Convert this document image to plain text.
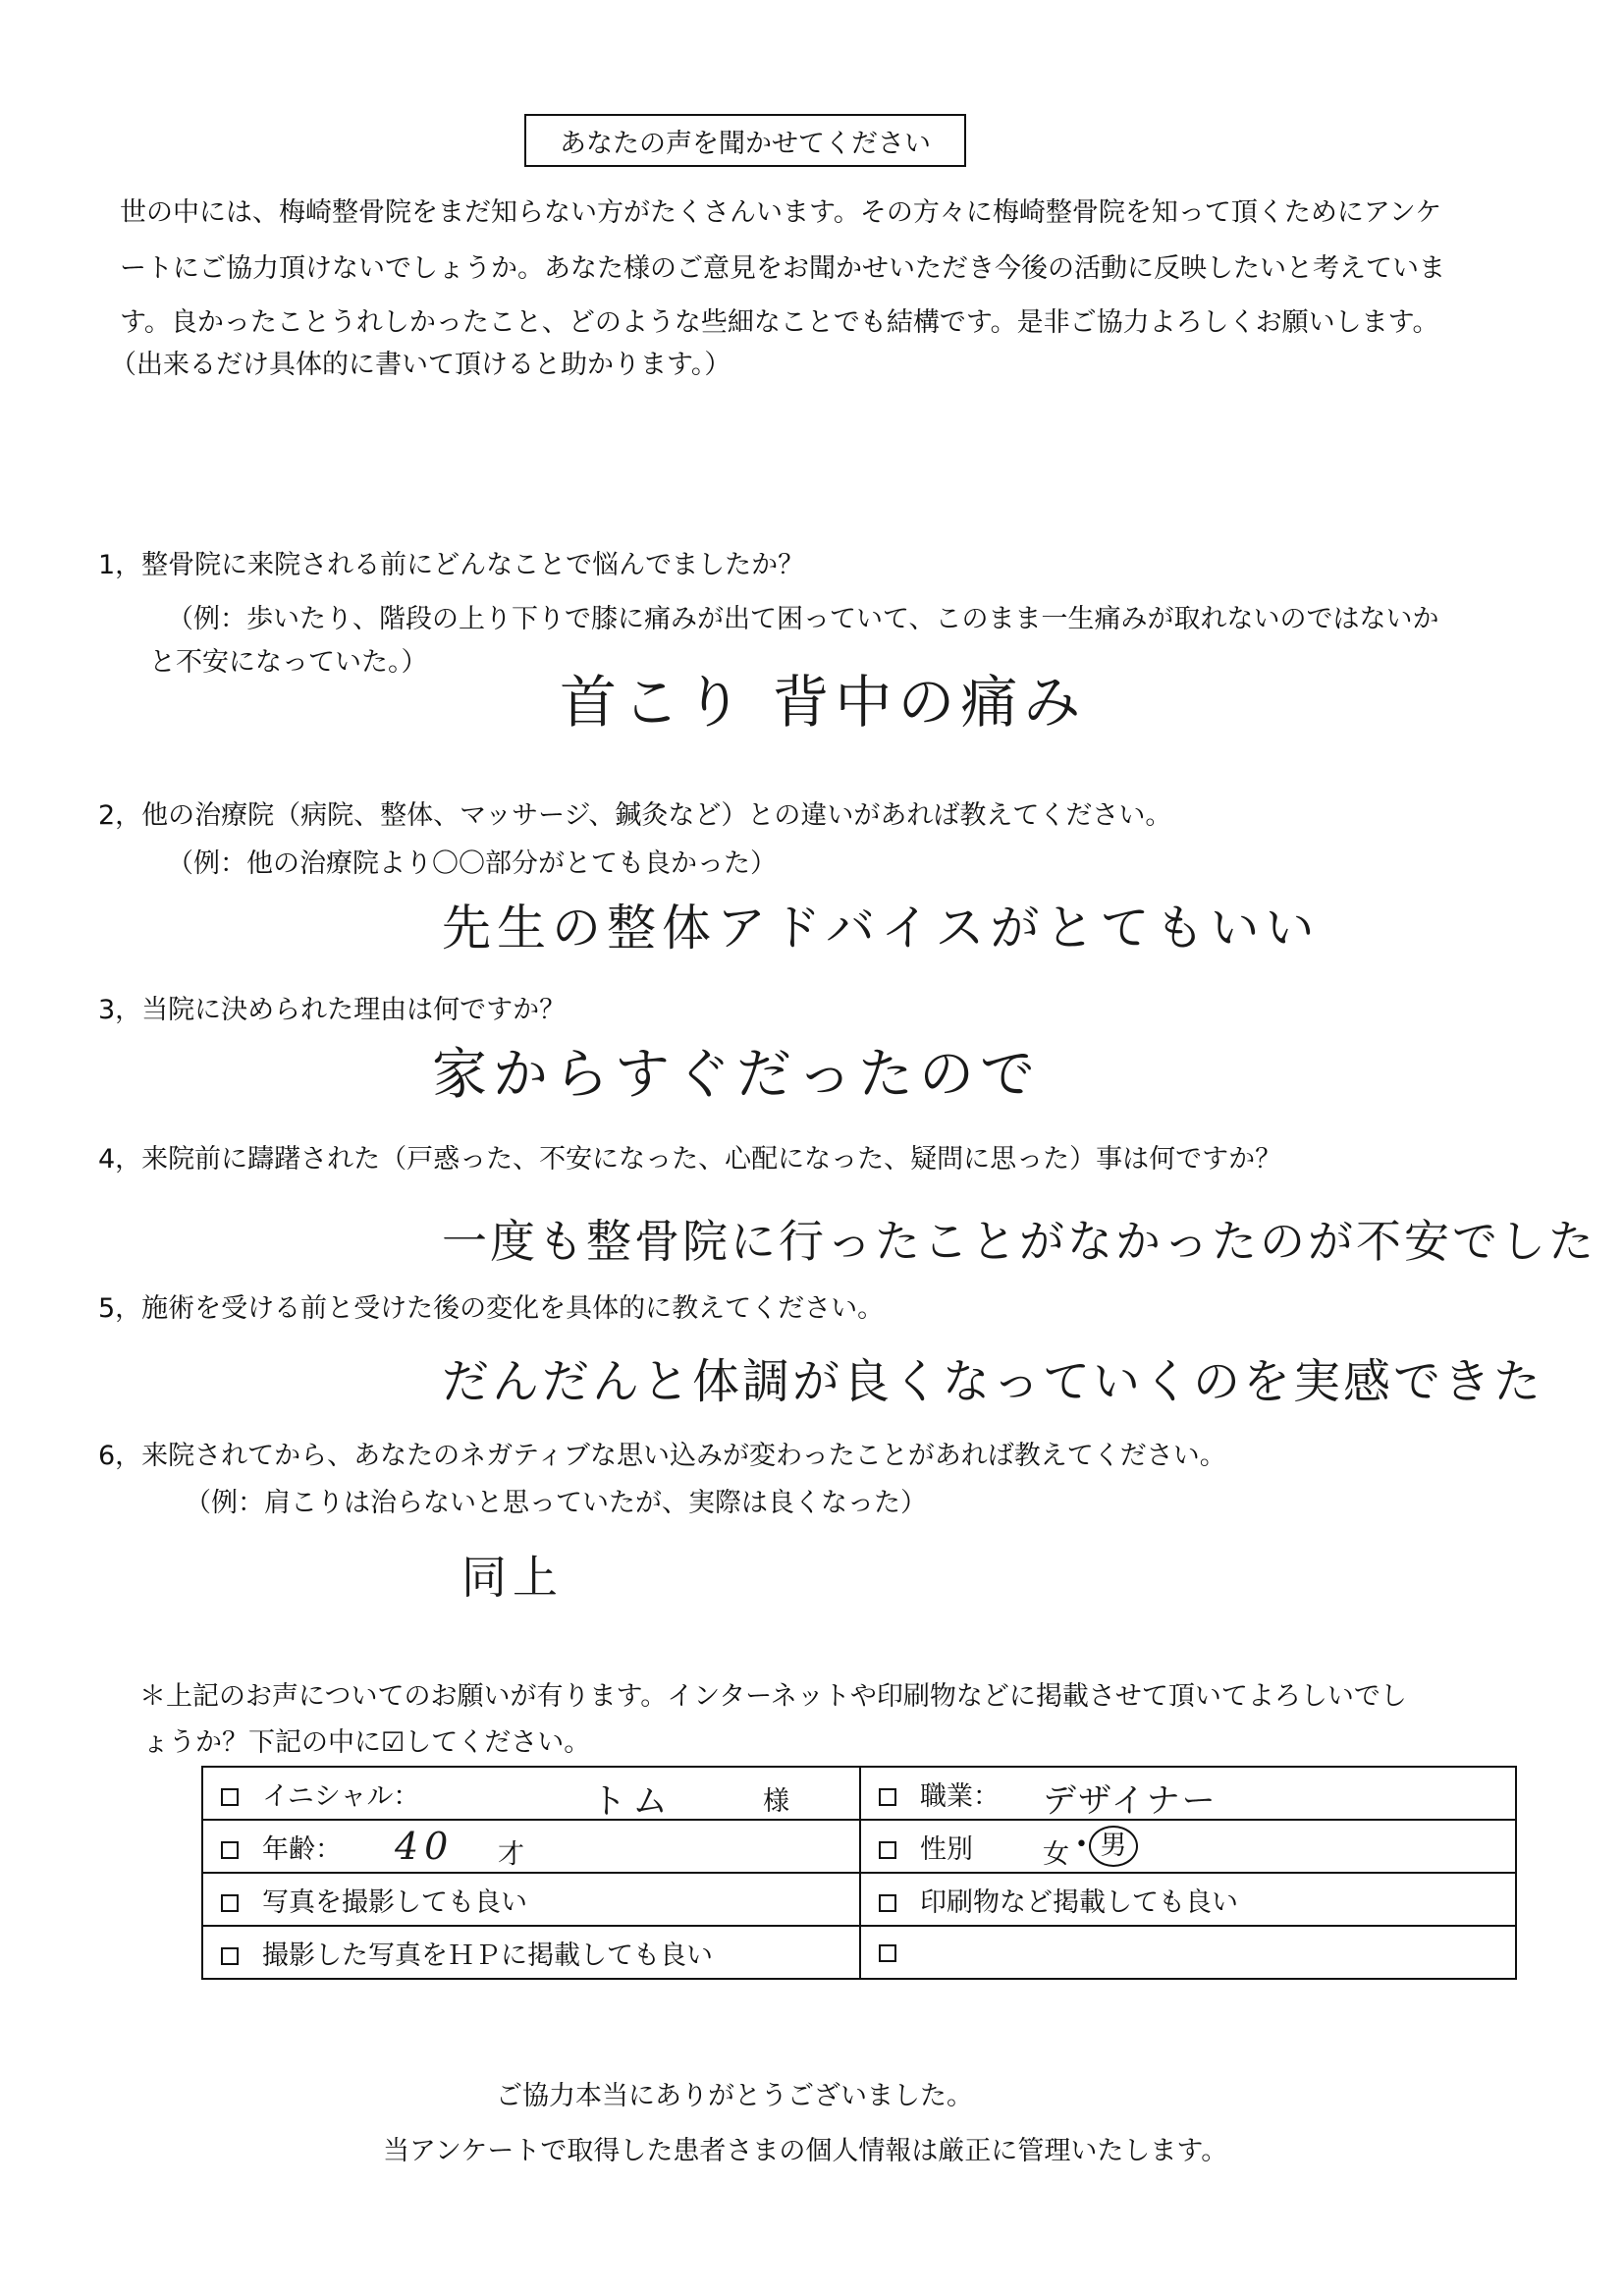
あなたの声を聞かせてください
世の中には、梅崎整骨院をまだ知らない方がたくさんいます。その方々に梅崎整骨院を知って頂くためにアンケ
ートにご協力頂けないでしょうか。あなた様のご意見をお聞かせいただき今後の活動に反映したいと考えていま
す。良かったことうれしかったこと、どのような些細なことでも結構です。是非ご協力よろしくお願いします。
（出来るだけ具体的に書いて頂けると助かります。）
1，整骨院に来院される前にどんなことで悩んでましたか？
（例：歩いたり、階段の上り下りで膝に痛みが出て困っていて、このまま一生痛みが取れないのではないか
と不安になっていた。）
首こり 背中の痛み
2，他の治療院（病院、整体、マッサージ、鍼灸など）との違いがあれば教えてください。
（例：他の治療院より〇〇部分がとても良かった）
先生の整体アドバイスがとてもいい
3，当院に決められた理由は何ですか？
家からすぐだったので
4，来院前に躊躇された（戸惑った、不安になった、心配になった、疑問に思った）事は何ですか？
一度も整骨院に行ったことがなかったのが不安でした
5，施術を受ける前と受けた後の変化を具体的に教えてください。
だんだんと体調が良くなっていくのを実感できた
6，来院されてから、あなたのネガティブな思い込みが変わったことがあれば教えてください。
（例：肩こりは治らないと思っていたが、実際は良くなった）
同上
＊上記のお声についてのお願いが有ります。インターネットや印刷物などに掲載させて頂いてよろしいでし
ょうか？下記の中に☑してください。
イニシャル： トム 様	職業： デザイナー

年齢： 40 才	性別 女 • 男

写真を撮影しても良い	印刷物など掲載しても良い
撮影した写真をＨＰに掲載しても良い	
ご協力本当にありがとうございました。
当アンケートで取得した患者さまの個人情報は厳正に管理いたします。
